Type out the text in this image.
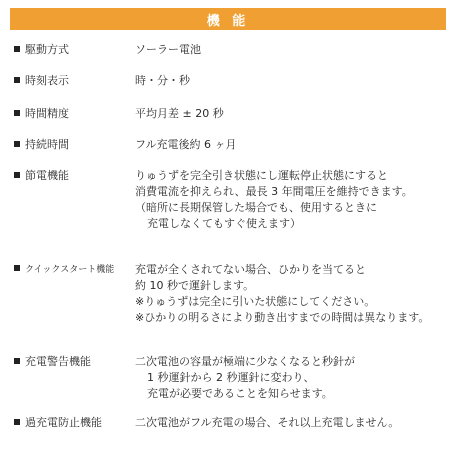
機 能
駆動方式	ソーラー電池
時刻表示	時・分・秒
時間精度	平均月差 ± 20 秒
持続時間	フル充電後約 6 ヶ月
節電機能	りゅうずを完全引き状態にし運転停止状態にすると
消費電流を抑えられ、最長 3 年間電圧を維持できます。
（暗所に長期保管した場合でも、使用するときに
充電しなくてもすぐ使えます）
クイックスタート機能	充電が全くされてない場合、ひかりを当てると
約 10 秒で運針します。
※りゅうずは完全に引いた状態にしてください。
※ひかりの明るさにより動き出すまでの時間は異なります。
充電警告機能	二次電池の容量が極端に少なくなると秒針が
1 秒運針から 2 秒運針に変わり、
充電が必要であることを知らせます。
過充電防止機能	二次電池がフル充電の場合、それ以上充電しません。
